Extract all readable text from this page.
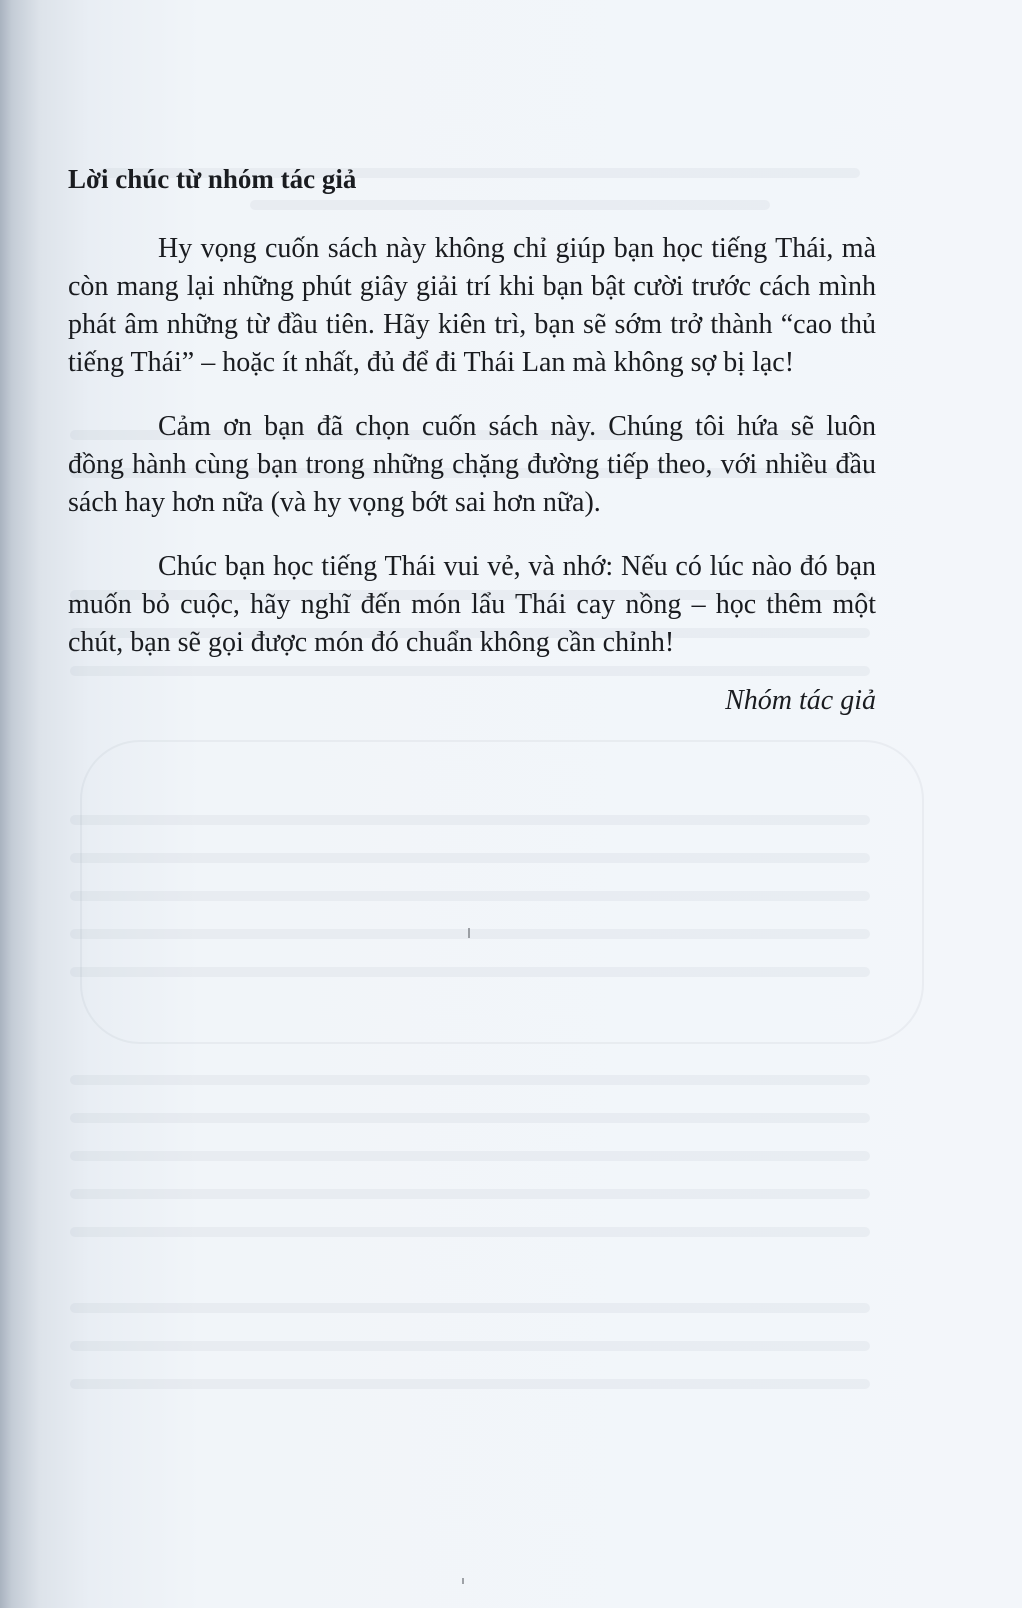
Lời chúc từ nhóm tác giả

Hy vọng cuốn sách này không chỉ giúp bạn học tiếng Thái, mà còn mang lại những phút giây giải trí khi bạn bật cười trước cách mình phát âm những từ đầu tiên. Hãy kiên trì, bạn sẽ sớm trở thành “cao thủ tiếng Thái” – hoặc ít nhất, đủ để đi Thái Lan mà không sợ bị lạc!

Cảm ơn bạn đã chọn cuốn sách này. Chúng tôi hứa sẽ luôn đồng hành cùng bạn trong những chặng đường tiếp theo, với nhiều đầu sách hay hơn nữa (và hy vọng bớt sai hơn nữa).

Chúc bạn học tiếng Thái vui vẻ, và nhớ: Nếu có lúc nào đó bạn muốn bỏ cuộc, hãy nghĩ đến món lẩu Thái cay nồng – học thêm một chút, bạn sẽ gọi được món đó chuẩn không cần chỉnh!

Nhóm tác giả
